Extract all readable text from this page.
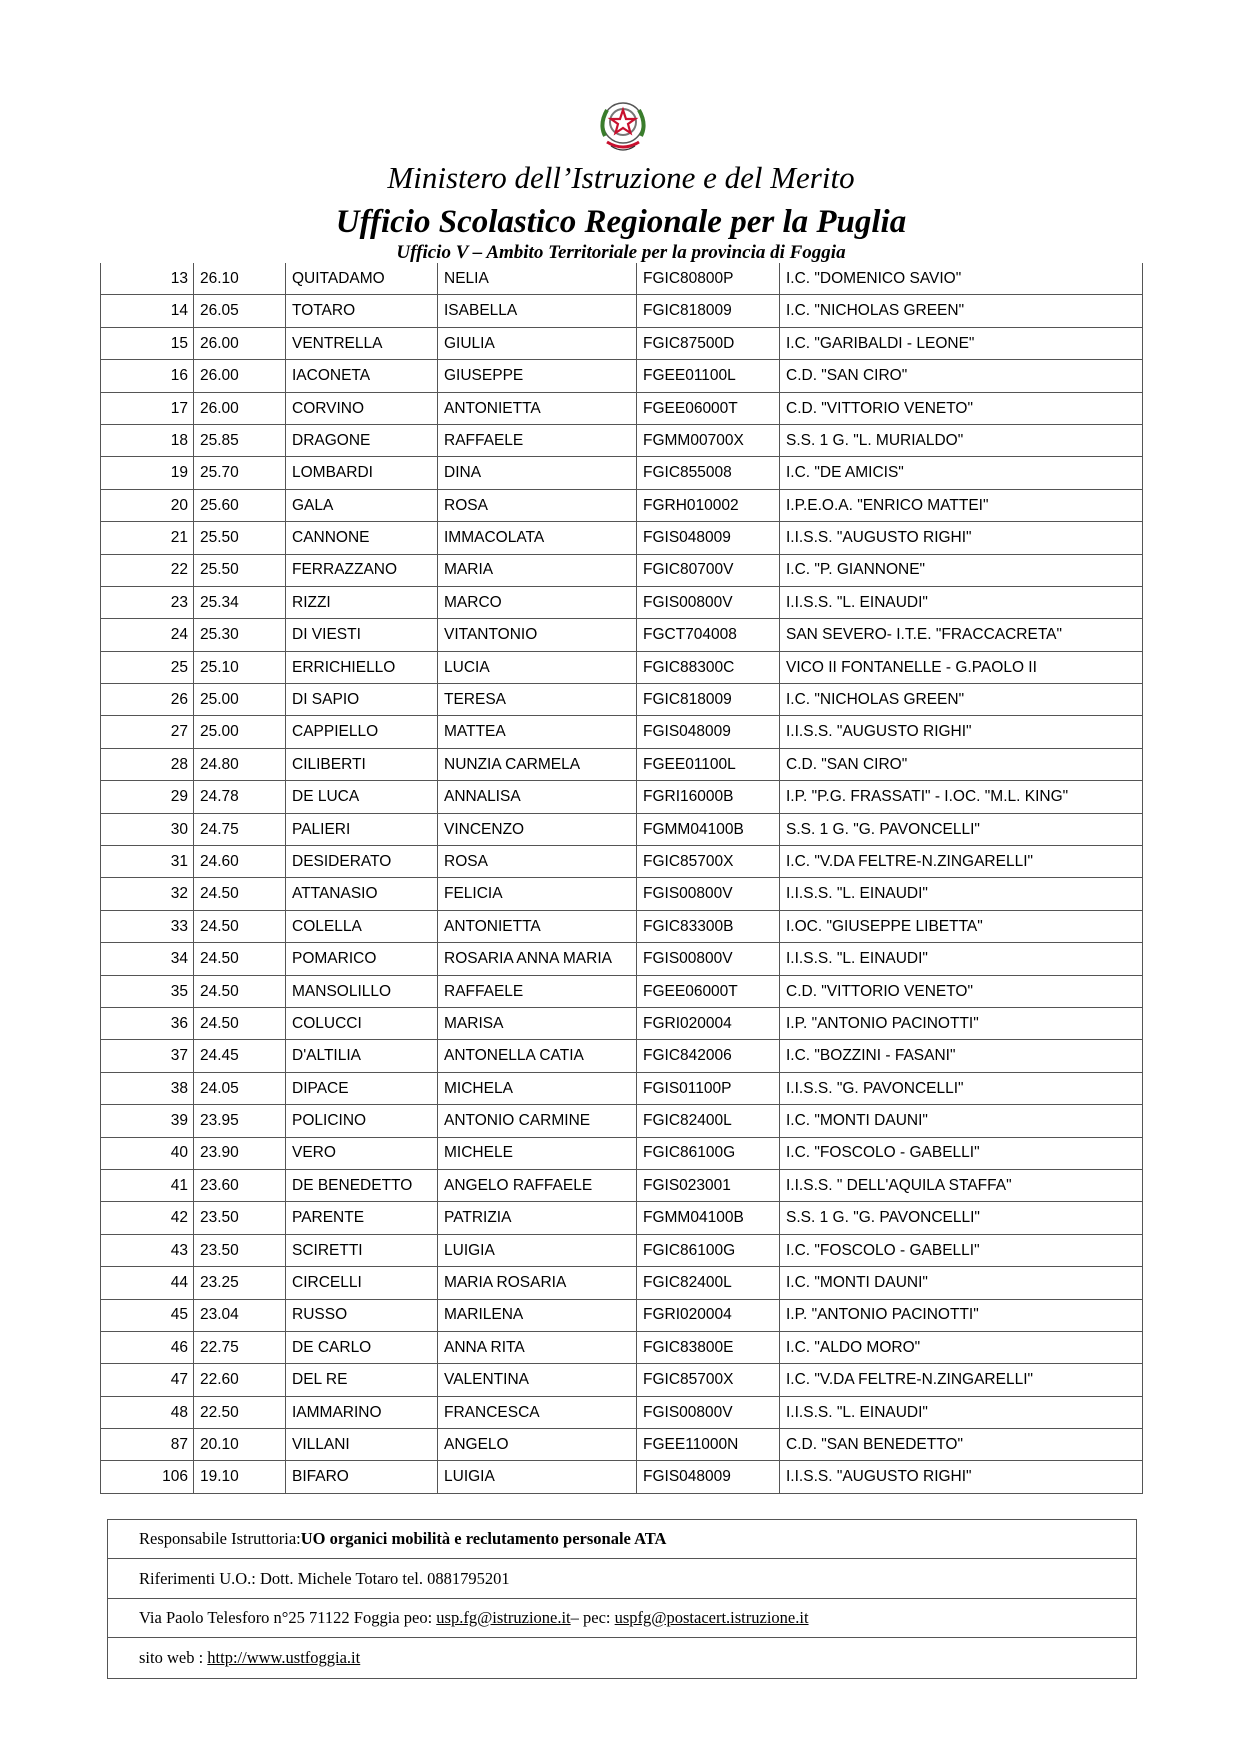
Ministero dell’Istruzione e del Merito
Ufficio Scolastico Regionale per la Puglia
Ufficio V – Ambito Territoriale per la provincia di Foggia
13	26.10	QUITADAMO	NELIA	FGIC80800P	I.C. "DOMENICO SAVIO"
14	26.05	TOTARO	ISABELLA	FGIC818009	I.C. "NICHOLAS GREEN"
15	26.00	VENTRELLA	GIULIA	FGIC87500D	I.C. "GARIBALDI - LEONE"
16	26.00	IACONETA	GIUSEPPE	FGEE01100L	C.D. "SAN CIRO"
17	26.00	CORVINO	ANTONIETTA	FGEE06000T	C.D. "VITTORIO VENETO"
18	25.85	DRAGONE	RAFFAELE	FGMM00700X	S.S. 1 G. "L. MURIALDO"
19	25.70	LOMBARDI	DINA	FGIC855008	I.C. "DE AMICIS"
20	25.60	GALA	ROSA	FGRH010002	I.P.E.O.A. "ENRICO MATTEI"
21	25.50	CANNONE	IMMACOLATA	FGIS048009	I.I.S.S. "AUGUSTO RIGHI"
22	25.50	FERRAZZANO	MARIA	FGIC80700V	I.C. "P. GIANNONE"
23	25.34	RIZZI	MARCO	FGIS00800V	I.I.S.S. "L. EINAUDI"
24	25.30	DI VIESTI	VITANTONIO	FGCT704008	SAN SEVERO- I.T.E. "FRACCACRETA"
25	25.10	ERRICHIELLO	LUCIA	FGIC88300C	VICO II FONTANELLE - G.PAOLO II
26	25.00	DI SAPIO	TERESA	FGIC818009	I.C. "NICHOLAS GREEN"
27	25.00	CAPPIELLO	MATTEA	FGIS048009	I.I.S.S. "AUGUSTO RIGHI"
28	24.80	CILIBERTI	NUNZIA CARMELA	FGEE01100L	C.D. "SAN CIRO"
29	24.78	DE LUCA	ANNALISA	FGRI16000B	I.P. "P.G. FRASSATI" - I.OC. "M.L. KING"
30	24.75	PALIERI	VINCENZO	FGMM04100B	S.S. 1 G. "G. PAVONCELLI"
31	24.60	DESIDERATO	ROSA	FGIC85700X	I.C. "V.DA FELTRE-N.ZINGARELLI"
32	24.50	ATTANASIO	FELICIA	FGIS00800V	I.I.S.S. "L. EINAUDI"
33	24.50	COLELLA	ANTONIETTA	FGIC83300B	I.OC. "GIUSEPPE LIBETTA"
34	24.50	POMARICO	ROSARIA ANNA MARIA	FGIS00800V	I.I.S.S. "L. EINAUDI"
35	24.50	MANSOLILLO	RAFFAELE	FGEE06000T	C.D. "VITTORIO VENETO"
36	24.50	COLUCCI	MARISA	FGRI020004	I.P. "ANTONIO PACINOTTI"
37	24.45	D'ALTILIA	ANTONELLA CATIA	FGIC842006	I.C. "BOZZINI - FASANI"
38	24.05	DIPACE	MICHELA	FGIS01100P	I.I.S.S. "G. PAVONCELLI"
39	23.95	POLICINO	ANTONIO CARMINE	FGIC82400L	I.C. "MONTI DAUNI"
40	23.90	VERO	MICHELE	FGIC86100G	I.C. "FOSCOLO - GABELLI"
41	23.60	DE BENEDETTO	ANGELO RAFFAELE	FGIS023001	I.I.S.S. " DELL'AQUILA STAFFA"
42	23.50	PARENTE	PATRIZIA	FGMM04100B	S.S. 1 G. "G. PAVONCELLI"
43	23.50	SCIRETTI	LUIGIA	FGIC86100G	I.C. "FOSCOLO - GABELLI"
44	23.25	CIRCELLI	MARIA ROSARIA	FGIC82400L	I.C. "MONTI DAUNI"
45	23.04	RUSSO	MARILENA	FGRI020004	I.P. "ANTONIO PACINOTTI"
46	22.75	DE CARLO	ANNA RITA	FGIC83800E	I.C. "ALDO MORO"
47	22.60	DEL RE	VALENTINA	FGIC85700X	I.C. "V.DA FELTRE-N.ZINGARELLI"
48	22.50	IAMMARINO	FRANCESCA	FGIS00800V	I.I.S.S. "L. EINAUDI"
87	20.10	VILLANI	ANGELO	FGEE11000N	C.D. "SAN BENEDETTO"
106	19.10	BIFARO	LUIGIA	FGIS048009	I.I.S.S. "AUGUSTO RIGHI"
Responsabile Istruttoria: UO organici mobilità e reclutamento personale ATA
Riferimenti U.O.: Dott. Michele Totaro tel. 0881795201
Via Paolo Telesforo n°25 71122 Foggia peo:
usp.fg@istruzione.it – pec:
uspfg@postacert.istruzione.it
sito web :
http://www.ustfoggia.it
